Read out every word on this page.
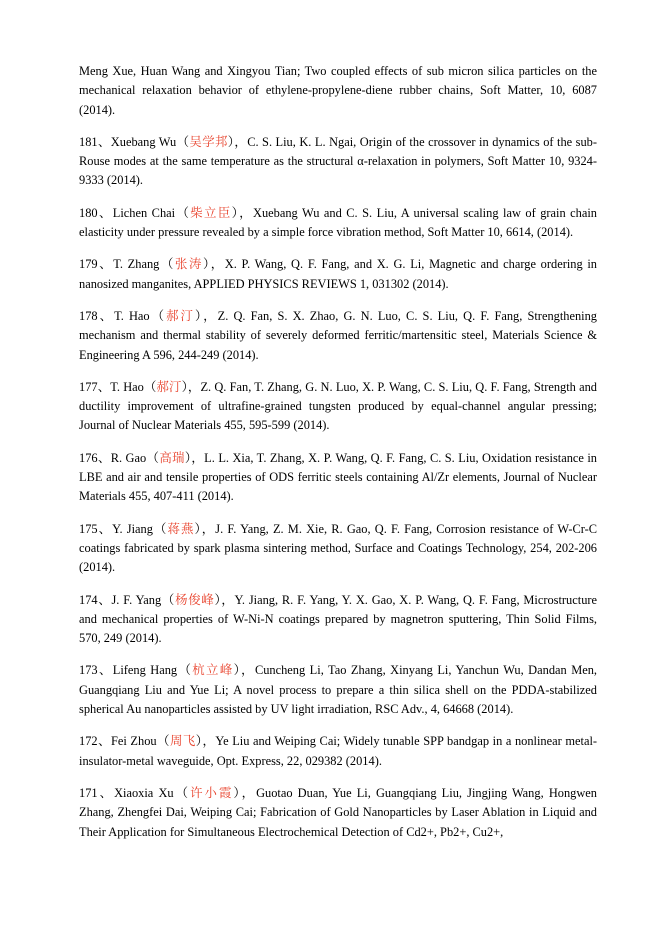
Meng Xue, Huan Wang and Xingyou Tian; Two coupled effects of sub micron silica particles on the mechanical relaxation behavior of ethylene-propylene-diene rubber chains, Soft Matter, 10, 6087 (2014).

181、Xuebang Wu（吴学邦），C. S. Liu, K. L. Ngai, Origin of the crossover in dynamics of the sub-Rouse modes at the same temperature as the structural α-relaxation in polymers, Soft Matter 10, 9324-9333 (2014).

180、Lichen Chai（柴立臣），Xuebang Wu and C. S. Liu, A universal scaling law of grain chain elasticity under pressure revealed by a simple force vibration method, Soft Matter 10, 6614, (2014).

179、T. Zhang（张涛），X. P. Wang, Q. F. Fang, and X. G. Li, Magnetic and charge ordering in nanosized manganites, APPLIED PHYSICS REVIEWS 1, 031302 (2014).

178、T. Hao（郝汀），Z. Q. Fan, S. X. Zhao, G. N. Luo, C. S. Liu, Q. F. Fang, Strengthening mechanism and thermal stability of severely deformed ferritic/martensitic steel, Materials Science & Engineering A 596, 244-249 (2014).

177、T. Hao（郝汀），Z. Q. Fan, T. Zhang, G. N. Luo, X. P. Wang, C. S. Liu, Q. F. Fang, Strength and ductility improvement of ultrafine-grained tungsten produced by equal-channel angular pressing; Journal of Nuclear Materials 455, 595-599 (2014).

176、R. Gao（高瑞），L. L. Xia, T. Zhang, X. P. Wang, Q. F. Fang, C. S. Liu, Oxidation resistance in LBE and air and tensile properties of ODS ferritic steels containing Al/Zr elements, Journal of Nuclear Materials 455, 407-411 (2014).

175、Y. Jiang（蒋燕），J. F. Yang, Z. M. Xie, R. Gao, Q. F. Fang, Corrosion resistance of W-Cr-C coatings fabricated by spark plasma sintering method, Surface and Coatings Technology, 254, 202-206 (2014).

174、J. F. Yang（杨俊峰），Y. Jiang, R. F. Yang, Y. X. Gao, X. P. Wang, Q. F. Fang, Microstructure and mechanical properties of W-Ni-N coatings prepared by magnetron sputtering, Thin Solid Films, 570, 249 (2014).

173、Lifeng Hang（杭立峰），Cuncheng Li, Tao Zhang, Xinyang Li, Yanchun Wu, Dandan Men, Guangqiang Liu and Yue Li; A novel process to prepare a thin silica shell on the PDDA-stabilized spherical Au nanoparticles assisted by UV light irradiation, RSC Adv., 4, 64668 (2014).

172、Fei Zhou（周飞），Ye Liu and Weiping Cai; Widely tunable SPP bandgap in a nonlinear metal-insulator-metal waveguide, Opt. Express, 22, 029382 (2014).

171、Xiaoxia Xu（许小霞），Guotao Duan, Yue Li, Guangqiang Liu, Jingjing Wang, Hongwen Zhang, Zhengfei Dai, Weiping Cai; Fabrication of Gold Nanoparticles by Laser Ablation in Liquid and Their Application for Simultaneous Electrochemical Detection of Cd2+, Pb2+, Cu2+,
